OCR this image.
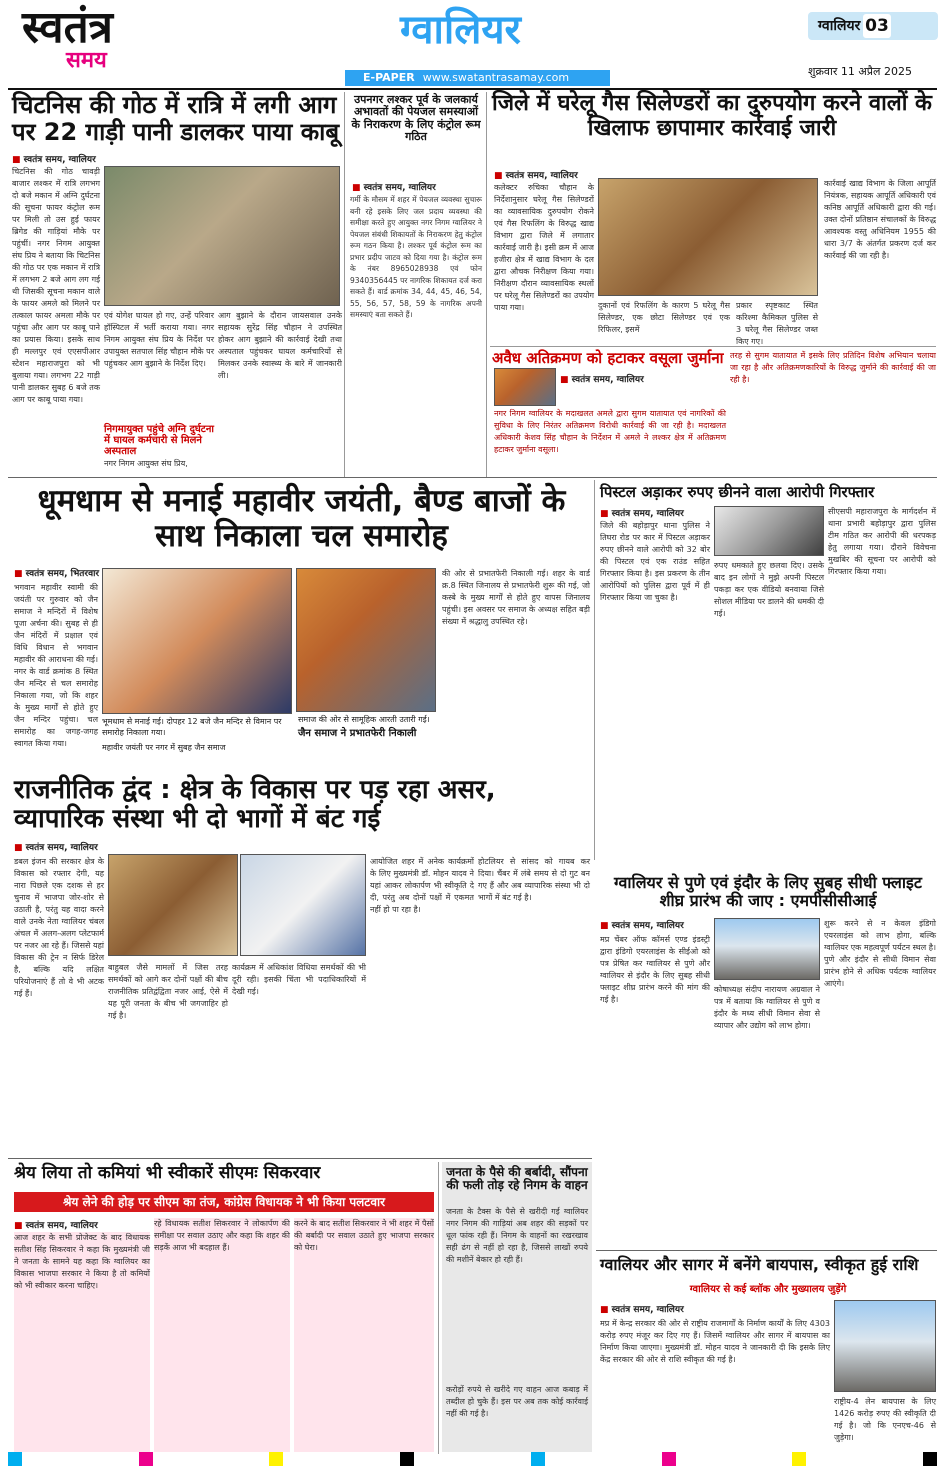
स्वतंत्र
समय
ग्वालियर
E-PAPER www.swatantrasamay.com
ग्वालियर 03
शुक्रवार 11 अप्रैल 2025
चिटनिस की गोठ में रात्रि में लगी आग पर 22 गाड़ी पानी डालकर पाया काबू
■ स्वतंत्र समय, ग्वालियर
चिटनिस की गोठ चावड़ी बाजार लश्कर में रात्रि लगभग दो बजे मकान में अग्नि दुर्घटना की सूचना फायर कंट्रोल रूम पर मिली तो उस हुई फायर ब्रिगेड की गाड़ियां मौके पर पहुंचीं। नगर निगम आयुक्त संघ प्रिय ने बताया कि चिटनिस की गोठ पर एक मकान में रात्रि में लगभग 2 बजे आग लग गई थी जिसकी सूचना मकान वाले के फायर अमले को मिलने पर तत्काल फायर अमला मौके पर पहुंचा और आग पर काबू पाने का प्रयास किया। इसके साथ ही मल्लपुर एवं एएसपीआर स्टेशन महाराजपुरा को भी बुलाया गया। लगभग 22 गाड़ी पानी डालकर सुबह 6 बजे तक आग पर काबू पाया गया।
एवं योगेश घायल हो गए, उन्हें परिवार हॉस्पिटल में भर्ती कराया गया। नगर निगम आयुक्त संघ प्रिय के निर्देश पर उपायुक्त सतपाल सिंह चौहान मौके पर पहुंचकर आग बुझाने के निर्देश दिए।
निगमायुक्त पहुंचे अग्नि दुर्घटना में घायल कर्मचारी से मिलने अस्पताल
आग बुझाने के दौरान जायसवाल उनके सहायक सुरेंद्र सिंह चौहान ने उपस्थित होकर आग बुझाने की कार्रवाई देखी तथा अस्पताल पहुंचकर घायल कर्मचारियों से मिलकर उनके स्वास्थ्य के बारे में जानकारी ली।
नगर निगम आयुक्त संघ प्रिय,
उपनगर लश्कर पूर्व के जलकार्य अभावतों की पेयजल समस्याओं के निराकरण के लिए कंट्रोल रूम गठित
■ स्वतंत्र समय, ग्वालियर
गर्मी के मौसम में शहर में पेयजल व्यवस्था सुचारू बनी रहे इसके लिए जल प्रदाय व्यवस्था की समीक्षा करते हुए आयुक्त नगर निगम ग्वालियर ने पेयजल संबंधी शिकायतों के निराकरण हेतु कंट्रोल रूम गठन किया है। लश्कर पूर्व कंट्रोल रूम का प्रभार प्रदीप जाटव को दिया गया है। कंट्रोल रूम के नंबर 8965028938 एवं फोन 9340356445 पर नागरिक शिकायत दर्ज करा सकते हैं। वार्ड क्रमांक 34, 44, 45, 46, 54, 55, 56, 57, 58, 59 के नागरिक अपनी समस्याएं बता सकते हैं।
जिले में घरेलू गैस सिलेण्डरों का दुरुपयोग करने वालों के खिलाफ छापामार कार्रवाई जारी
■ स्वतंत्र समय, ग्वालियर
कलेक्टर रुचिका चौहान के निर्देशानुसार घरेलू गैस सिलेण्डरों का व्यावसायिक दुरुपयोग रोकने एवं गैस रिफलिंग के विरुद्ध खाद्य विभाग द्वारा जिले में लगातार कार्रवाई जारी है। इसी क्रम में आज हजीरा क्षेत्र में खाद्य विभाग के दल द्वारा औचक निरीक्षण किया गया। निरीक्षण दौरान व्यावसायिक स्थलों पर घरेलू गैस सिलेण्डरों का उपयोग पाया गया।	दुकानों एवं रिफलिंग के कारण 5 घरेलू गैस सिलेण्डर, एक छोटा सिलेण्डर एवं एक रिफिलर, इसमें
प्रकार स्पृष्टकाट स्थित करिश्मा कैमिकल पुलिस से 3 घरेलू गैस सिलेण्डर जब्त किए गए।
कार्रवाई खाद्य विभाग के जिला आपूर्ति नियंत्रक, सहायक आपूर्ति अधिकारी एवं कनिष्ठ आपूर्ति अधिकारी द्वारा की गई। उक्त दोनों प्रतिष्ठान संचालकों के विरुद्ध आवश्यक वस्तु अधिनियम 1955 की धारा 3/7 के अंतर्गत प्रकरण दर्ज कर कार्रवाई की जा रही है।
अवैध अतिक्रमण को हटाकर वसूला जुर्माना
■ स्वतंत्र समय, ग्वालियर
नगर निगम ग्वालियर के मदाखलत अमले द्वारा सुगम यातायात एवं नागरिकों की सुविधा के लिए निरंतर अतिक्रमण विरोधी कार्रवाई की जा रही है। मदाखलत अधिकारी केशव सिंह चौहान के निर्देशन में अमले ने लश्कर क्षेत्र में अतिक्रमण हटाकर जुर्माना वसूला।
तरह से सुगम यातायात में इसके लिए प्रतिदिन विशेष अभियान चलाया जा रहा है और अतिक्रमणकारियों के विरुद्ध जुर्माने की कार्रवाई की जा रही है।
धूमधाम से मनाई महावीर जयंती, बैण्ड बाजों के साथ निकाला चल समारोह
■ स्वतंत्र समय, भितरवार
भगवान महावीर स्वामी की जयंती पर गुरुवार को जैन समाज ने मन्दिरों में विशेष पूजा अर्चना की। सुबह से ही जैन मंदिरों में प्रक्षाल एवं विधि विधान से भगवान महावीर की आराधना की गई। नगर के वार्ड क्रमांक 8 स्थित जैन मन्दिर से चल समारोह निकाला गया, जो कि शहर के मुख्य मार्गों से होते हुए जैन मन्दिर पहुंचा। चल समारोह का जगह-जगह स्वागत किया गया।
भूमधाम से मनाई गई। दोपहर 12 बजे जैन मन्दिर से विमान पर समारोह निकाला गया।
समाज की ओर से सामूहिक आरती उतारी गई।
जैन समाज ने प्रभातफेरी निकाली
महावीर जयंती पर नगर में सुबह जैन समाज
की ओर से प्रभातफेरी निकाली गई। शहर के वार्ड क्र.8 स्थित जिनालय से प्रभातफेरी शुरू की गई, जो कस्बे के मुख्य मार्गों से होते हुए वापस जिनालय पहुंची। इस अवसर पर समाज के अध्यक्ष सहित बड़ी संख्या में श्रद्धालु उपस्थित रहे।
पिस्टल अड़ाकर रुपए छीनने वाला आरोपी गिरफ्तार
■ स्वतंत्र समय, ग्वालियर
जिले की बहोड़ापुर थाना पुलिस ने तिघरा रोड पर कार में पिस्टल अड़ाकर रुपए छीनने वाले आरोपी को 32 बोर की पिस्टल एवं एक राउंड सहित गिरफ्तार किया है। इस प्रकरण के तीन आरोपियों को पुलिस द्वारा पूर्व में ही गिरफ्तार किया जा चुका है।
रुपए धमकाते हुए छलवा दिए। उसके बाद इन लोगों ने मुझे अपनी पिस्टल पकड़ा कर एक वीडियो बनवाया जिसे सोशल मीडिया पर डालने की धमकी दी गई।
सीएसपी महाराजपुरा के मार्गदर्शन में थाना प्रभारी बहोड़ापुर द्वारा पुलिस टीम गठित कर आरोपी की धरपकड़ हेतु लगाया गया। दौराने विवेचना मुखबिर की सूचना पर आरोपी को गिरफ्तार किया गया।
राजनीतिक द्वंद : क्षेत्र के विकास पर पड़ रहा असर, व्यापारिक संस्था भी दो भागों में बंट गई
■ स्वतंत्र समय, ग्वालियर
डबल इंजन की सरकार क्षेत्र के विकास को रफ्तार देगी, यह नारा पिछले एक दशक से हर चुनाव में भाजपा जोर-शोर से उठाती है, परंतु यह वादा करने वाले उनके नेता ग्वालियर चंबल अंचल में अलग-अलग प्लेटफार्म पर नजर आ रहे हैं। जिससे यहां विकास की ट्रेन न सिर्फ डिरेल है, बल्कि यदि लक्षित परियोजनाएं हैं तो वे भी अटक गई हैं।
बाहुबल जैसे मामलों में जिस तरह समर्थकों को आगे कर दोनों पक्षों की बीच राजनीतिक प्रतिद्वंद्विता नजर आई, ऐसे में यह पूरी जनता के बीच भी जगजाहिर हो गई है।
कार्यक्रम में अधिकांश विधिया समर्थकों की भी दूरी रही। इसकी चिंता भी पदाधिकारियों में देखी गई।
आयोजित शहर में अनेक कार्यक्रमों के लिए मुख्यमंत्री डॉ. मोहन यादव ने यहां आकर लोकार्पण भी स्वीकृति दे दी, परंतु अब दोनों पक्षों में एकमत नहीं हो पा रहा है।
होटलियर से सांसद को गायब कर दिया। चैंबर में लंबे समय से दो गुट बन गए हैं और अब व्यापारिक संस्था भी दो भागों में बंट गई है।
ग्वालियर से पुणे एवं इंदौर के लिए सुबह सीधी फ्लाइट शीघ्र प्रारंभ की जाए : एमपीसीसीआई
■ स्वतंत्र समय, ग्वालियर
मप्र चेंबर ऑफ कॉमर्स एण्ड इंडस्ट्री द्वारा इंडिगो एयरलाइंस के सीईओ को पत्र प्रेषित कर ग्वालियर से पुणे और ग्वालियर से इंदौर के लिए सुबह सीधी फ्लाइट शीघ्र प्रारंभ करने की मांग की गई है।
कोषाध्यक्ष संदीप नारायण अग्रवाल ने पत्र में बताया कि ग्वालियर से पुणे व इंदौर के मध्य सीधी विमान सेवा से व्यापार और उद्योग को लाभ होगा।
शुरू करने से न केवल इंडिगो एयरलाइंस को लाभ होगा, बल्कि ग्वालियर एक महत्वपूर्ण पर्यटन स्थल है। पुणे और इंदौर से सीधी विमान सेवा प्रारंभ होने से अधिक पर्यटक ग्वालियर आएंगे।
श्रेय लिया तो कमियां भी स्वीकारें सीएमः सिकरवार
श्रेय लेने की होड़ पर सीएम का तंज, कांग्रेस विधायक ने भी किया पलटवार
■ स्वतंत्र समय, ग्वालियर
आज शहर के सभी प्रोजेक्ट के बाद विधायक सतीश सिंह सिकरवार ने कहा कि मुख्यमंत्री जी ने जनता के सामने यह कहा कि ग्वालियर का विकास भाजपा सरकार ने किया है तो कमियों को भी स्वीकार करना चाहिए।
रहे विधायक सतीश सिकरवार ने लोकार्पण की समीक्षा पर सवाल उठाए और कहा कि शहर की सड़कें आज भी बदहाल हैं।
करने के बाद सतीश सिकरवार ने भी शहर में पैसों की बर्बादी पर सवाल उठाते हुए भाजपा सरकार को घेरा।
जनता के पैसे की बर्बादी, सौंपना की फली तोड़ रहे निगम के वाहन
जनता के टैक्स के पैसे से खरीदी गई ग्वालियर नगर निगम की गाड़ियां अब शहर की सड़कों पर धूल फांक रही हैं। निगम के वाहनों का रखरखाव सही ढंग से नहीं हो रहा है, जिससे लाखों रुपये की मशीनें बेकार हो रही हैं।
करोड़ों रुपये से खरीदे गए वाहन आज कबाड़ में तब्दील हो चुके हैं। इस पर अब तक कोई कार्रवाई नहीं की गई है।
ग्वालियर और सागर में बनेंगे बायपास, स्वीकृत हुई राशि
ग्वालियर से कई ब्लॉक और मुख्यालय जुड़ेंगे
■ स्वतंत्र समय, ग्वालियर
मप्र में केन्द्र सरकार की ओर से राष्ट्रीय राजमार्गों के निर्माण कार्यों के लिए 4303 करोड़ रुपए मंजूर कर दिए गए हैं। जिसमें ग्वालियर और सागर में बायपास का निर्माण किया जाएगा। मुख्यमंत्री डॉ. मोहन यादव ने जानकारी दी कि इसके लिए केंद्र सरकार की ओर से राशि स्वीकृत की गई है।
राष्ट्रीय-4 लेन बायपास के लिए 1426 करोड़ रुपए की स्वीकृति दी गई है। जो कि एनएच-46 से जुड़ेगा।
